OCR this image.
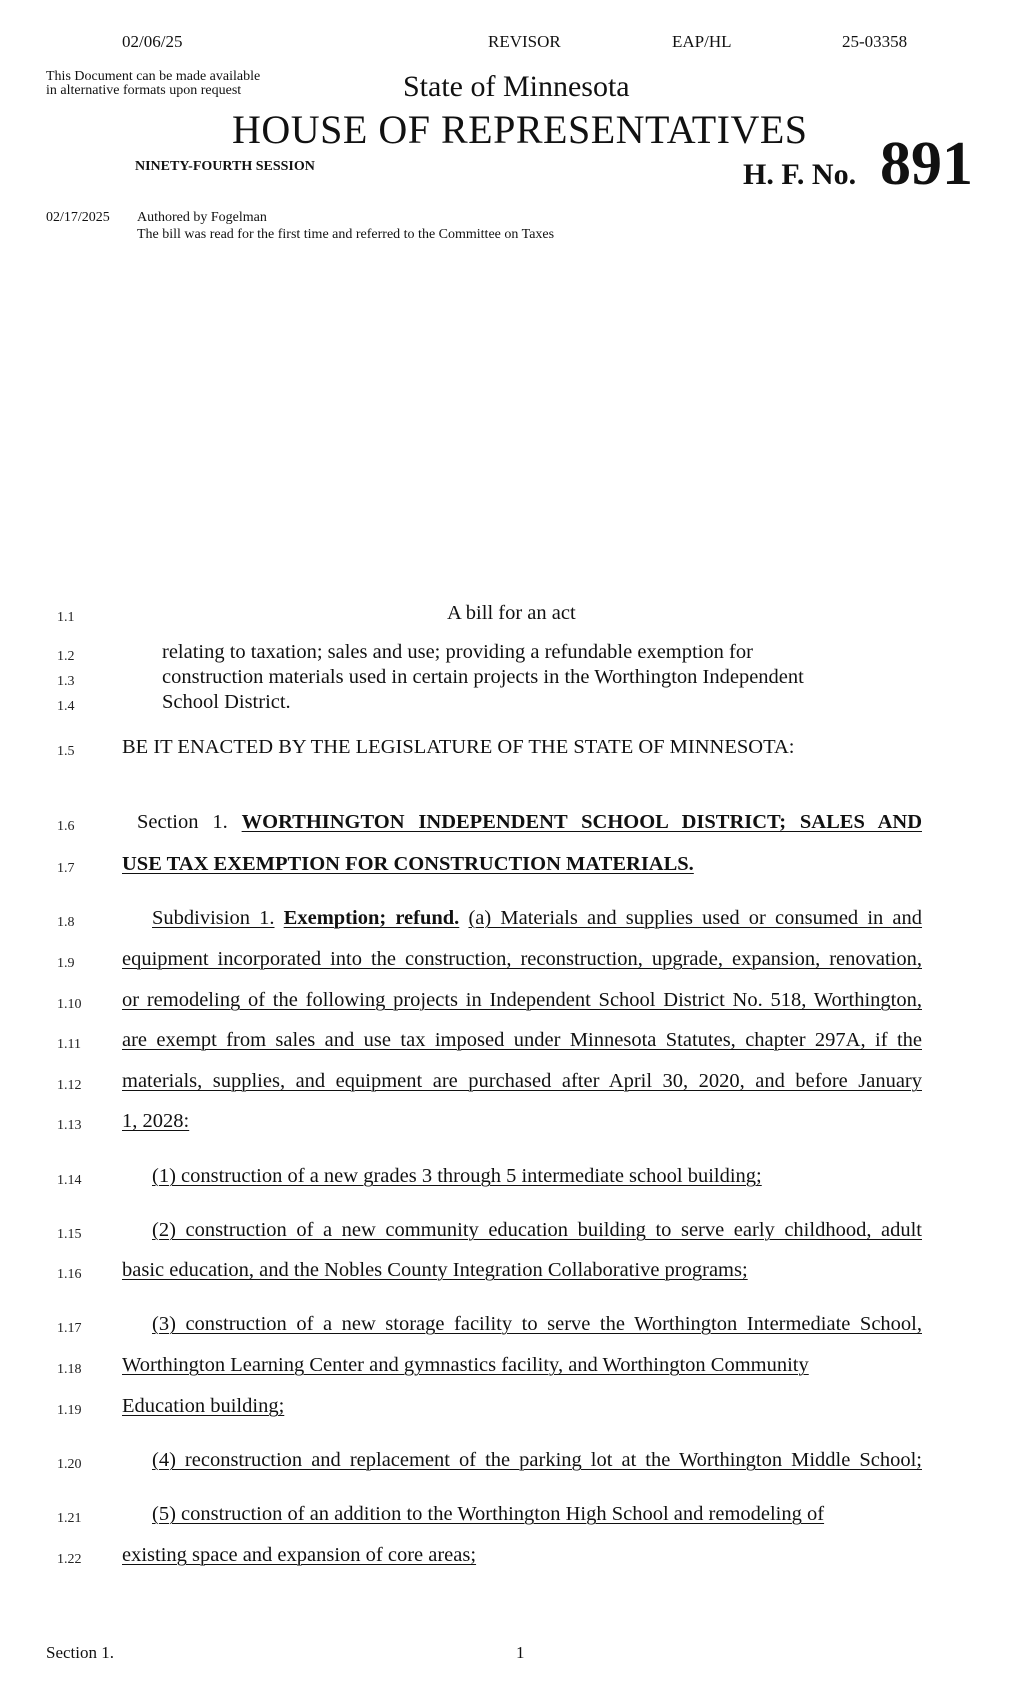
02/06/25	REVISOR	EAP/HL	25-03358
This Document can be made available
in alternative formats upon request	State of Minnesota
HOUSE OF REPRESENTATIVES
NINETY-FOURTH SESSION	H. F. No. 891
02/17/2025 Authored by Fogelman
The bill was read for the first time and referred to the Committee on Taxes
1.1
1.2
1.3
1.4
1.5
1.6
1.7
1.8
1.9
1.10
1.11
1.12
1.13
1.14
1.15
1.16
1.17
1.18
1.19
1.20
1.21
1.22
A bill for an act
relating to taxation; sales and use; providing a refundable exemption for
construction materials used in certain projects in the Worthington Independent
School District.
BE IT ENACTED BY THE LEGISLATURE OF THE STATE OF MINNESOTA:
Section 1. WORTHINGTON INDEPENDENT SCHOOL DISTRICT; SALES AND
USE TAX EXEMPTION FOR CONSTRUCTION MATERIALS.
Subdivision 1. Exemption; refund. (a) Materials and supplies used or consumed in and
equipment incorporated into the construction, reconstruction, upgrade, expansion, renovation,
or remodeling of the following projects in Independent School District No. 518, Worthington,
are exempt from sales and use tax imposed under Minnesota Statutes, chapter 297A, if the
materials, supplies, and equipment are purchased after April 30, 2020, and before January
1, 2028:
(1) construction of a new grades 3 through 5 intermediate school building;
(2) construction of a new community education building to serve early childhood, adult
basic education, and the Nobles County Integration Collaborative programs;
(3) construction of a new storage facility to serve the Worthington Intermediate School,
Worthington Learning Center and gymnastics facility, and Worthington Community
Education building;
(4) reconstruction and replacement of the parking lot at the Worthington Middle School;
(5) construction of an addition to the Worthington High School and remodeling of
existing space and expansion of core areas;
Section 1.	1
